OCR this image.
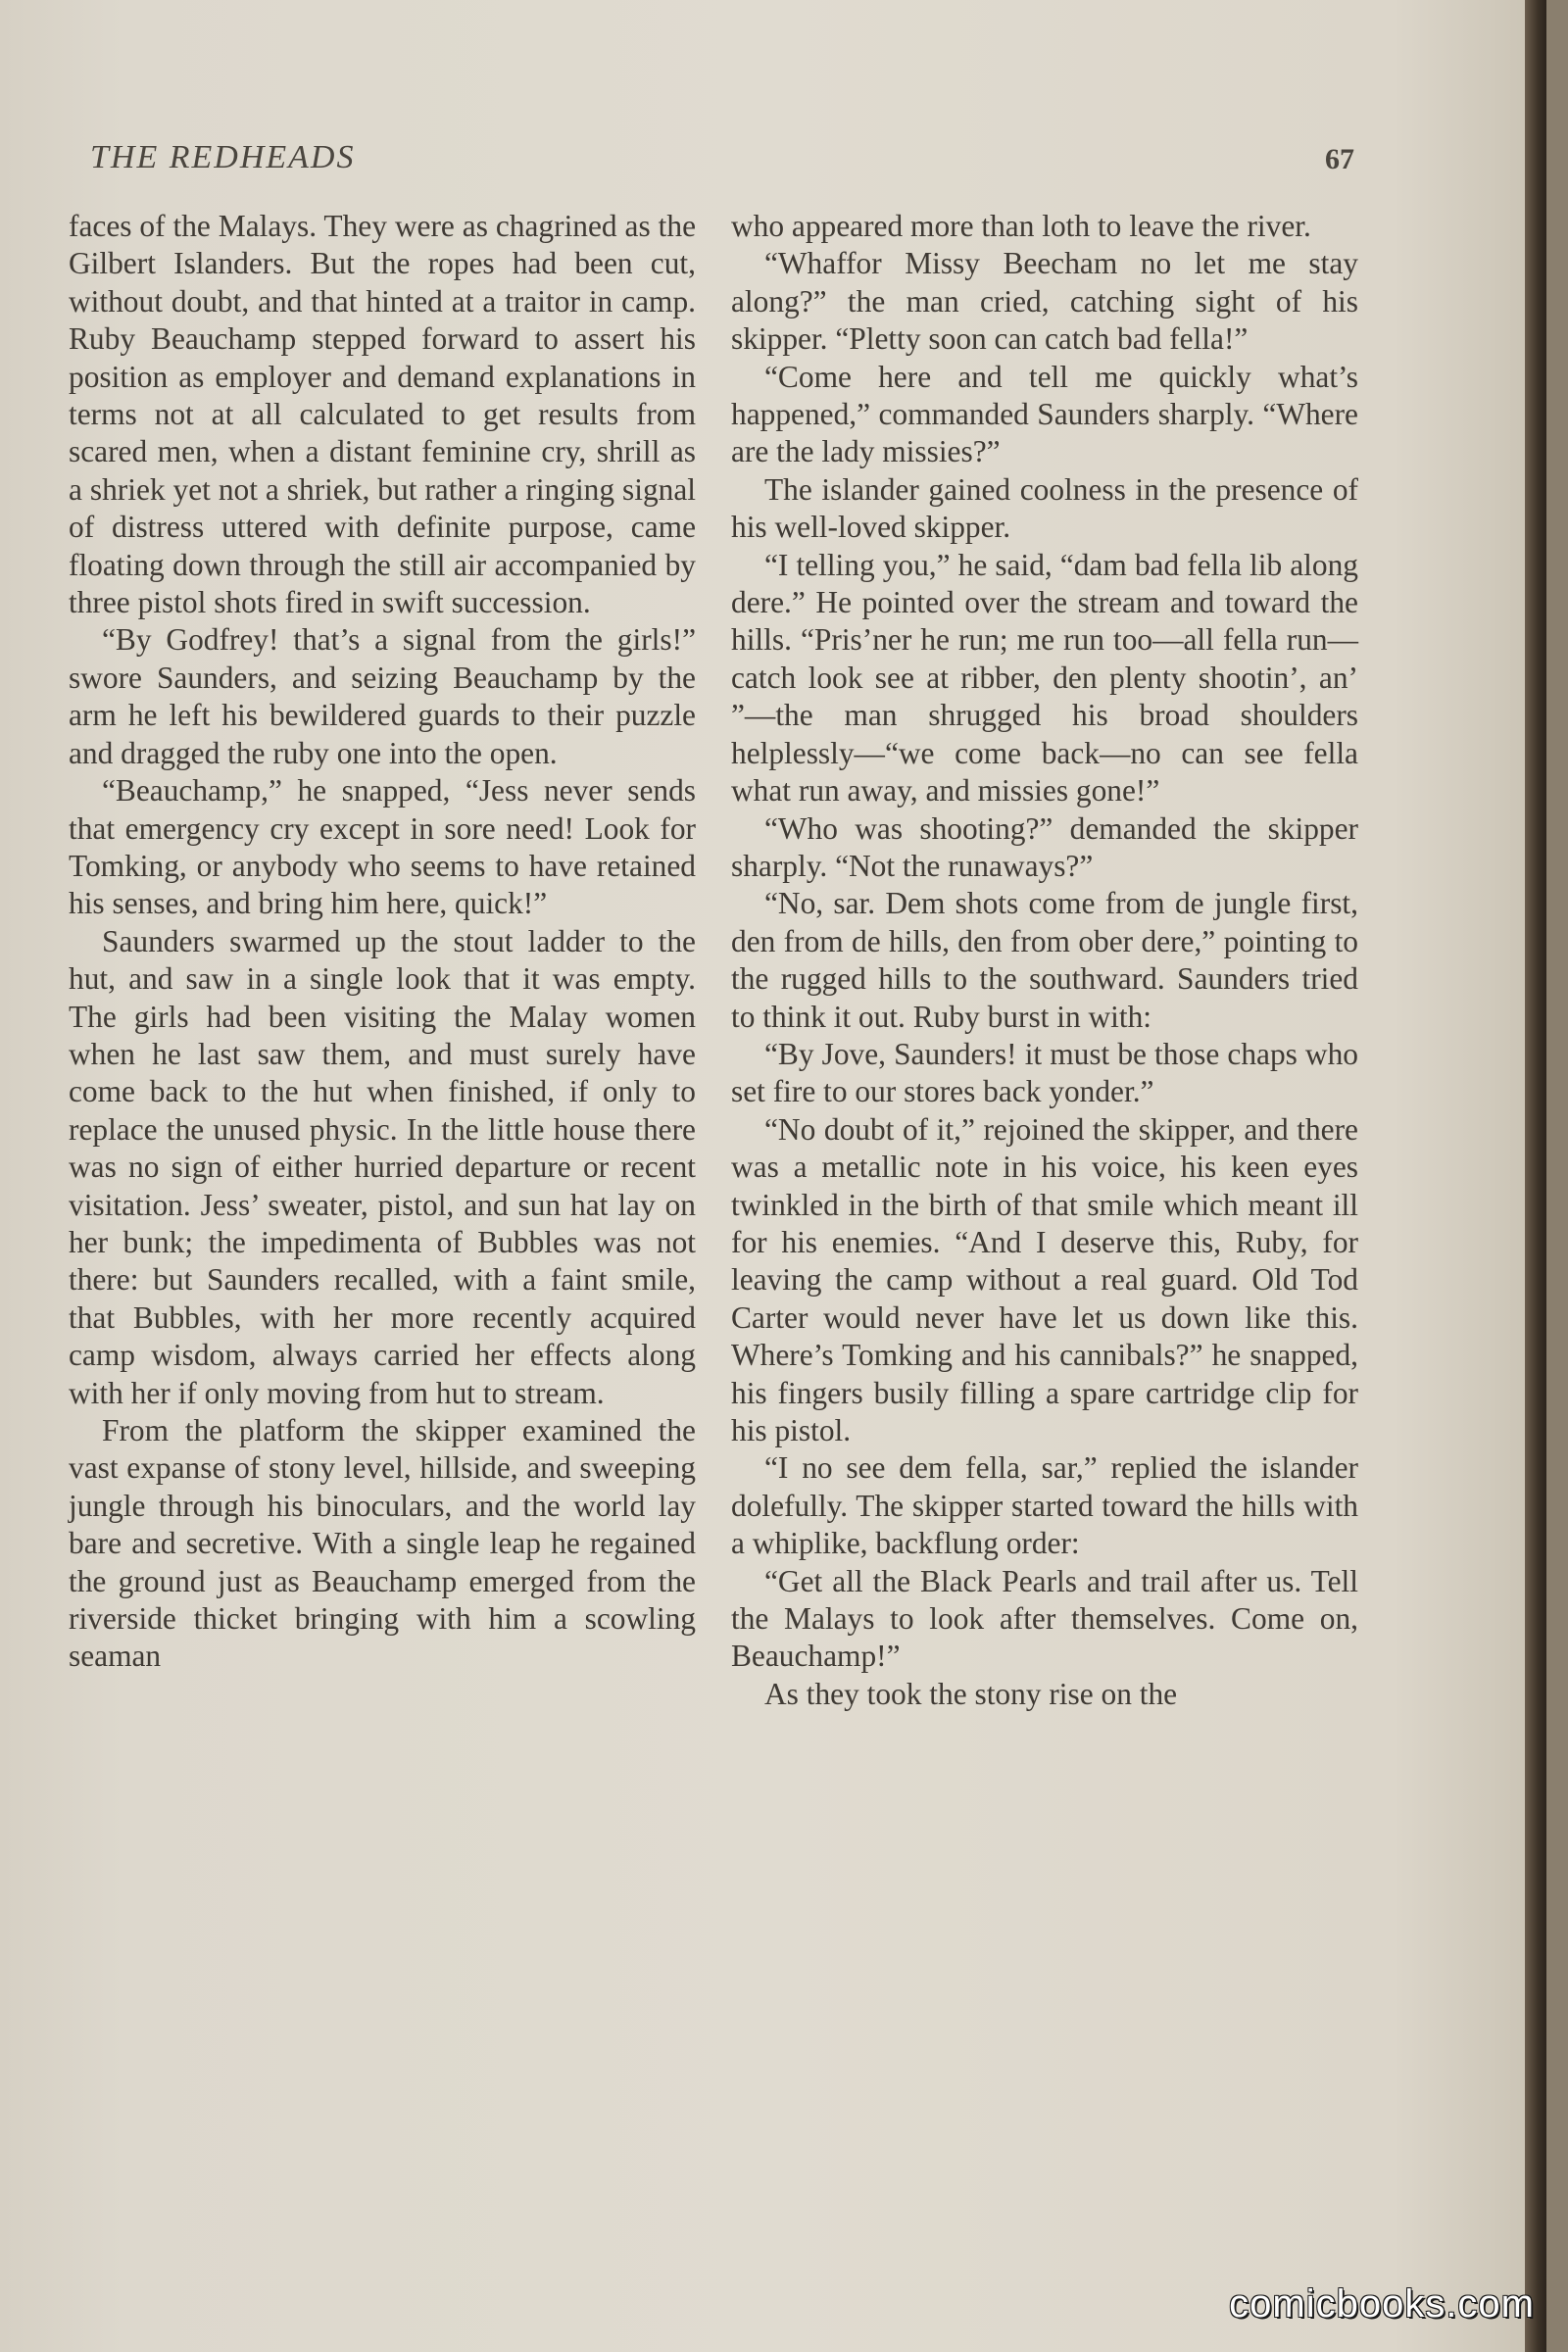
THE REDHEADS	67

faces of the Malays. They were as chagrined as the Gilbert Islanders. But the ropes had been cut, without doubt, and that hinted at a traitor in camp. Ruby Beauchamp stepped forward to assert his position as employer and demand explanations in terms not at all calculated to get results from scared men, when a distant feminine cry, shrill as a shriek yet not a shriek, but rather a ringing signal of distress uttered with definite purpose, came floating down through the still air accompanied by three pistol shots fired in swift succession.

“By Godfrey! that’s a signal from the girls!” swore Saunders, and seizing Beauchamp by the arm he left his bewildered guards to their puzzle and dragged the ruby one into the open.

“Beauchamp,” he snapped, “Jess never sends that emergency cry except in sore need! Look for Tomking, or anybody who seems to have retained his senses, and bring him here, quick!”

Saunders swarmed up the stout ladder to the hut, and saw in a single look that it was empty. The girls had been visiting the Malay women when he last saw them, and must surely have come back to the hut when finished, if only to replace the unused physic. In the little house there was no sign of either hurried departure or recent visitation. Jess’ sweater, pistol, and sun hat lay on her bunk; the impedimenta of Bubbles was not there: but Saunders recalled, with a faint smile, that Bubbles, with her more recently acquired camp wisdom, always carried her effects along with her if only moving from hut to stream.

From the platform the skipper examined the vast expanse of stony level, hillside, and sweeping jungle through his binoculars, and the world lay bare and secretive. With a single leap he regained the ground just as Beauchamp emerged from the riverside thicket bringing with him a scowling seaman

who appeared more than loth to leave the river.

“Whaffor Missy Beecham no let me stay along?” the man cried, catching sight of his skipper. “Pletty soon can catch bad fella!”

“Come here and tell me quickly what’s happened,” commanded Saunders sharply. “Where are the lady missies?”

The islander gained coolness in the presence of his well-loved skipper.

“I telling you,” he said, “dam bad fella lib along dere.” He pointed over the stream and toward the hills. “Pris’ner he run; me run too—all fella run—catch look see at ribber, den plenty shootin’, an’ ”—the man shrugged his broad shoulders helplessly—“we come back—no can see fella what run away, and missies gone!”

“Who was shooting?” demanded the skipper sharply. “Not the runaways?”

“No, sar. Dem shots come from de jungle first, den from de hills, den from ober dere,” pointing to the rugged hills to the southward. Saunders tried to think it out. Ruby burst in with:

“By Jove, Saunders! it must be those chaps who set fire to our stores back yonder.”

“No doubt of it,” rejoined the skipper, and there was a metallic note in his voice, his keen eyes twinkled in the birth of that smile which meant ill for his enemies. “And I deserve this, Ruby, for leaving the camp without a real guard. Old Tod Carter would never have let us down like this. Where’s Tomking and his cannibals?” he snapped, his fingers busily filling a spare cartridge clip for his pistol.

“I no see dem fella, sar,” replied the islander dolefully. The skipper started toward the hills with a whiplike, backflung order:

“Get all the Black Pearls and trail after us. Tell the Malays to look after themselves. Come on, Beauchamp!”

As they took the stony rise on the

comicbooks.com
